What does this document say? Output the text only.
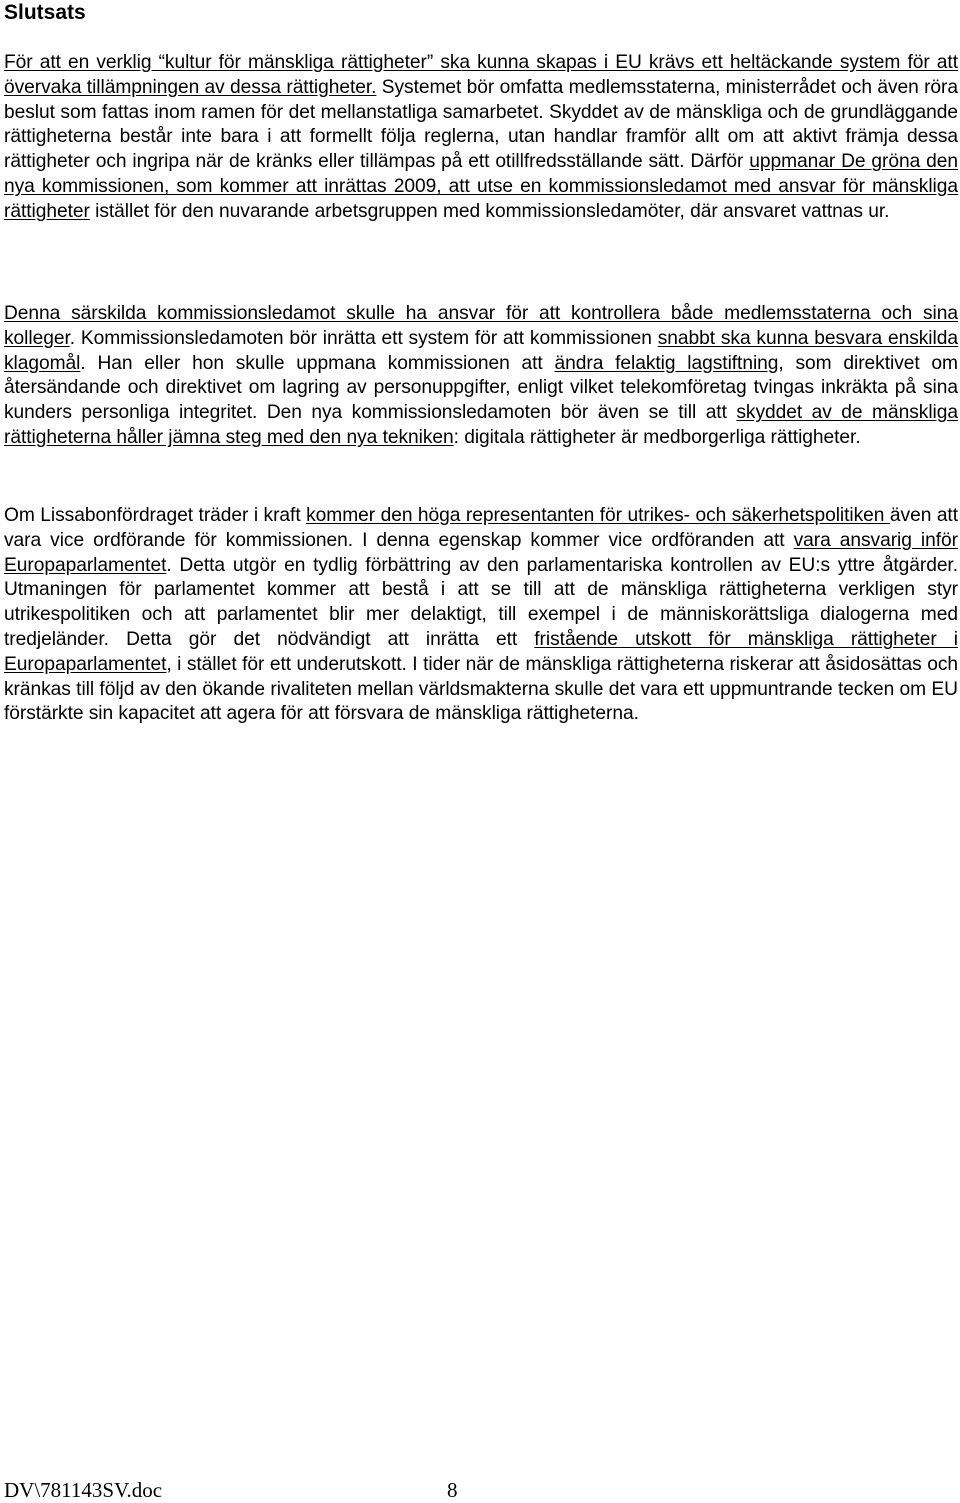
Slutsats

För att en verklig “kultur för mänskliga rättigheter” ska kunna skapas i EU krävs ett heltäckande system för att övervaka tillämpningen av dessa rättigheter. Systemet bör omfatta medlemsstaterna, ministerrådet och även röra beslut som fattas inom ramen för det mellanstatliga samarbetet. Skyddet av de mänskliga och de grundläggande rättigheterna består inte bara i att formellt följa reglerna, utan handlar framför allt om att aktivt främja dessa rättigheter och ingripa när de kränks eller tillämpas på ett otillfredsställande sätt. Därför uppmanar De gröna den nya kommissionen, som kommer att inrättas 2009, att utse en kommissionsledamot med ansvar för mänskliga rättigheter istället för den nuvarande arbetsgruppen med kommissionsledamöter, där ansvaret vattnas ur.

Denna särskilda kommissionsledamot skulle ha ansvar för att kontrollera både medlemsstaterna och sina kolleger. Kommissionsledamoten bör inrätta ett system för att kommissionen snabbt ska kunna besvara enskilda klagomål. Han eller hon skulle uppmana kommissionen att ändra felaktig lagstiftning, som direktivet om återsändande och direktivet om lagring av personuppgifter, enligt vilket telekomföretag tvingas inkräkta på sina kunders personliga integritet. Den nya kommissionsledamoten bör även se till att skyddet av de mänskliga rättigheterna håller jämna steg med den nya tekniken: digitala rättigheter är medborgerliga rättigheter.

Om Lissabonfördraget träder i kraft kommer den höga representanten för utrikes- och säkerhetspolitiken även att vara vice ordförande för kommissionen. I denna egenskap kommer vice ordföranden att vara ansvarig inför Europaparlamentet. Detta utgör en tydlig förbättring av den parlamentariska kontrollen av EU:s yttre åtgärder. Utmaningen för parlamentet kommer att bestå i att se till att de mänskliga rättigheterna verkligen styr utrikespolitiken och att parlamentet blir mer delaktigt, till exempel i de människorättsliga dialogerna med tredjeländer. Detta gör det nödvändigt att inrätta ett fristående utskott för mänskliga rättigheter i Europaparlamentet, i stället för ett underutskott. I tider när de mänskliga rättigheterna riskerar att åsidosättas och kränkas till följd av den ökande rivaliteten mellan världsmakterna skulle det vara ett uppmuntrande tecken om EU förstärkte sin kapacitet att agera för att försvara de mänskliga rättigheterna.

DV\781143SV.doc	8
